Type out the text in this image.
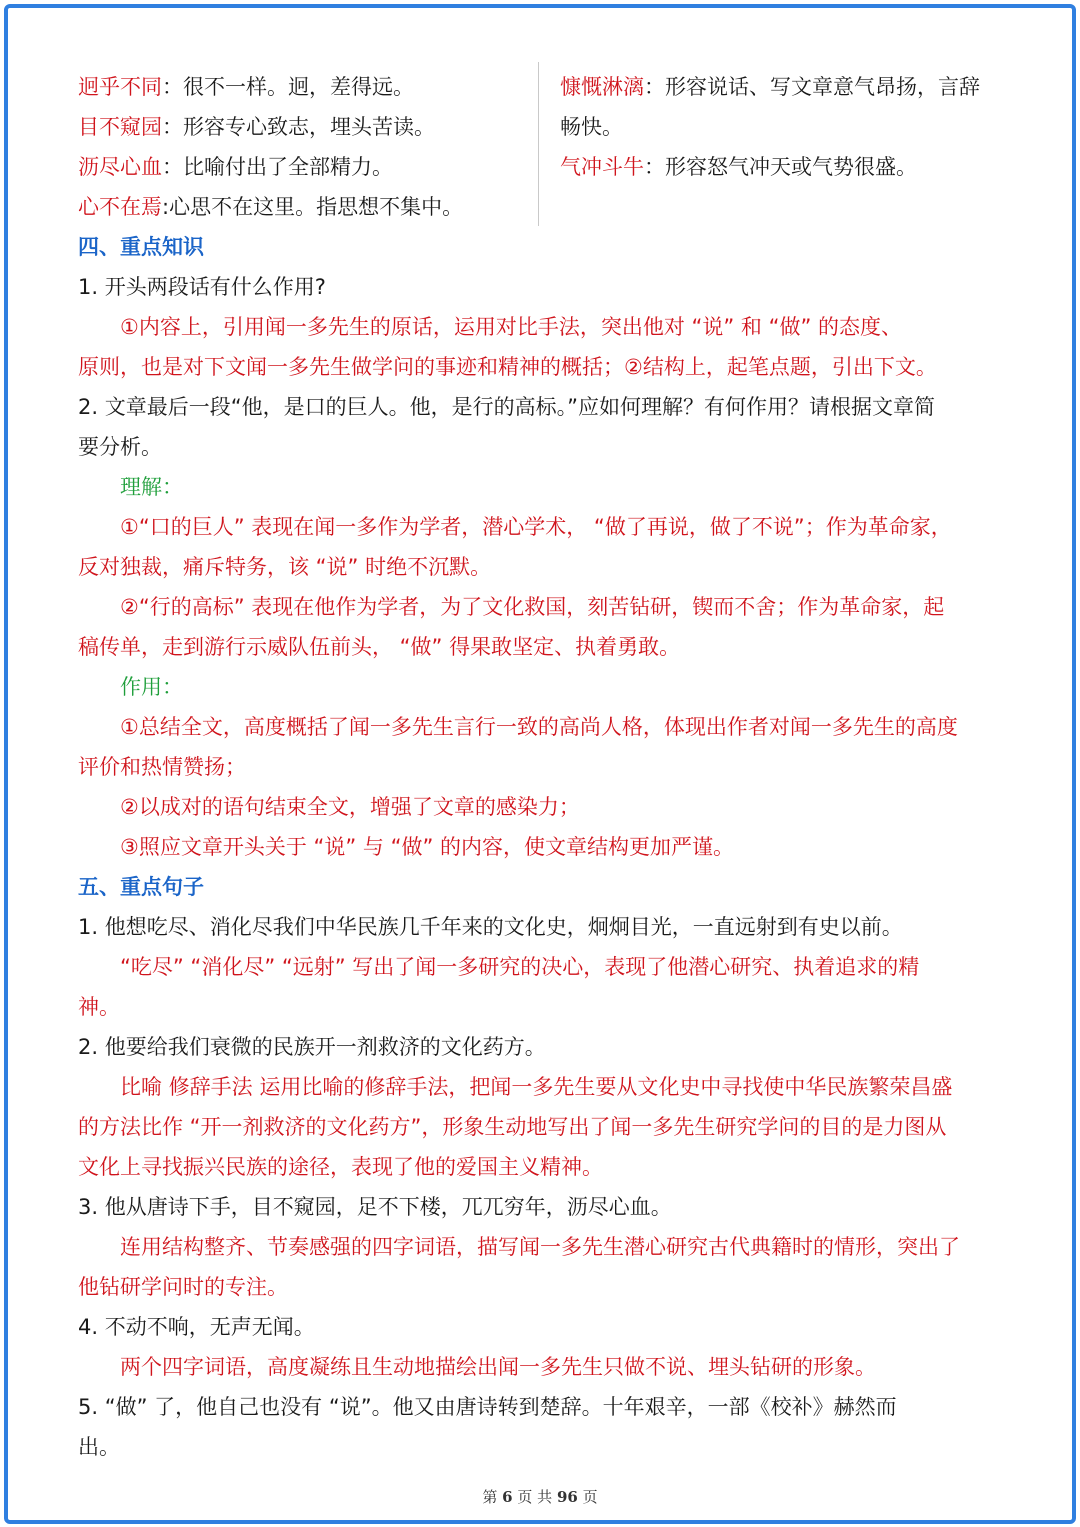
迥乎不同：很不一样。迥，差得远。
目不窥园：形容专心致志，埋头苦读。
沥尽心血：比喻付出了全部精力。
心不在焉:心思不在这里。指思想不集中。
慷慨淋漓：形容说话、写文章意气昂扬，言辞
畅快。
气冲斗牛：形容怒气冲天或气势很盛。
四、重点知识
1. 开头两段话有什么作用?
①内容上，引用闻一多先生的原话，运用对比手法，突出他对 “说” 和 “做” 的态度、
原则，也是对下文闻一多先生做学问的事迹和精神的概括；②结构上，起笔点题，引出下文。
2. 文章最后一段“他，是口的巨人。他，是行的高标。”应如何理解？有何作用？请根据文章简
要分析。
理解：
①“口的巨人” 表现在闻一多作为学者，潜心学术， “做了再说，做了不说”；作为革命家，
反对独裁，痛斥特务，该 “说” 时绝不沉默。
②“行的高标” 表现在他作为学者，为了文化救国，刻苦钻研，锲而不舍；作为革命家，起
稿传单，走到游行示威队伍前头， “做” 得果敢坚定、执着勇敢。
作用：
①总结全文，高度概括了闻一多先生言行一致的高尚人格，体现出作者对闻一多先生的高度
评价和热情赞扬；
②以成对的语句结束全文，增强了文章的感染力；
③照应文章开头关于 “说” 与 “做” 的内容，使文章结构更加严谨。
五、重点句子
1. 他想吃尽、消化尽我们中华民族几千年来的文化史，炯炯目光，一直远射到有史以前。
“吃尽” “消化尽” “远射” 写出了闻一多研究的决心，表现了他潜心研究、执着追求的精
神。
2. 他要给我们衰微的民族开一剂救济的文化药方。
比喻 修辞手法 运用比喻的修辞手法，把闻一多先生要从文化史中寻找使中华民族繁荣昌盛
的方法比作 “开一剂救济的文化药方”，形象生动地写出了闻一多先生研究学问的目的是力图从
文化上寻找振兴民族的途径，表现了他的爱国主义精神。
3. 他从唐诗下手，目不窥园，足不下楼，兀兀穷年，沥尽心血。
连用结构整齐、节奏感强的四字词语，描写闻一多先生潜心研究古代典籍时的情形，突出了
他钻研学问时的专注。
4. 不动不响，无声无闻。
两个四字词语，高度凝练且生动地描绘出闻一多先生只做不说、埋头钻研的形象。
5. “做” 了，他自己也没有 “说”。他又由唐诗转到楚辞。十年艰辛，一部《校补》赫然而
出。
第 6 页 共 96 页
